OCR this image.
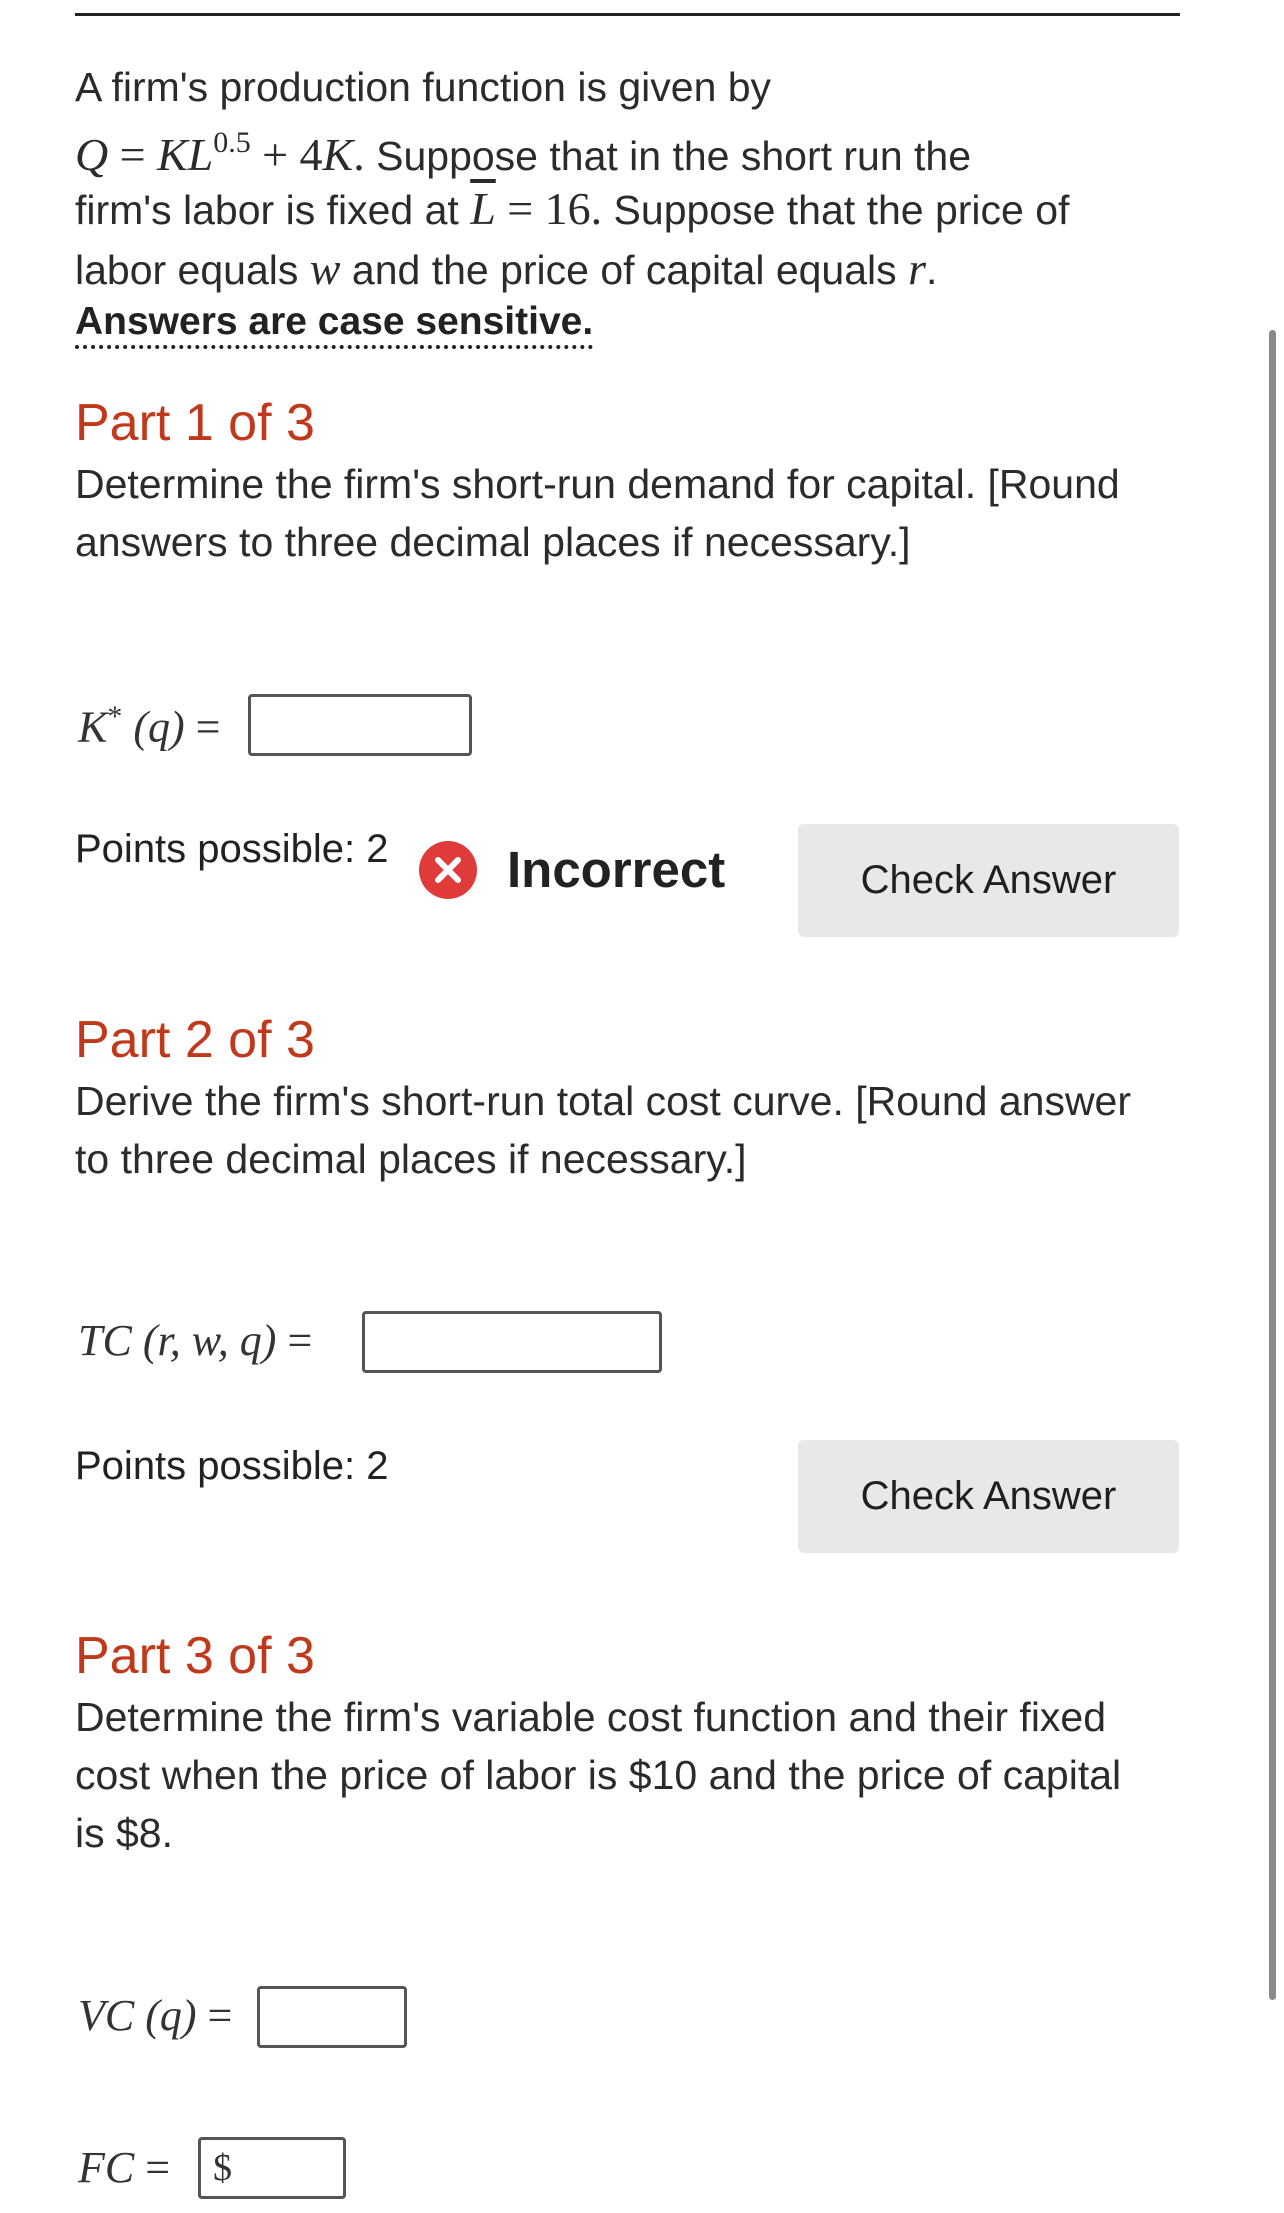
A firm's production function is given by
$Q = KL^{0.5} + 4K$. Suppose that in the short run the
firm's labor is fixed at $\overline{L} = 16$. Suppose that the price of
labor equals w and the price of capital equals r.
Answers are case sensitive.
Part 1 of 3
Determine the firm's short-run demand for capital. [Round
answers to three decimal places if necessary.]
K* (q) =
Points possible: 2 Incorrect	Check Answer
Part 2 of 3
Derive the firm's short-run total cost curve. [Round answer
to three decimal places if necessary.]
TC (r, w, q) =
Points possible: 2
Check Answer
Part 3 of 3
Determine the firm's variable cost function and their fixed
cost when the price of labor is $10 and the price of capital
is $8.
VC (q) =
FC = $
